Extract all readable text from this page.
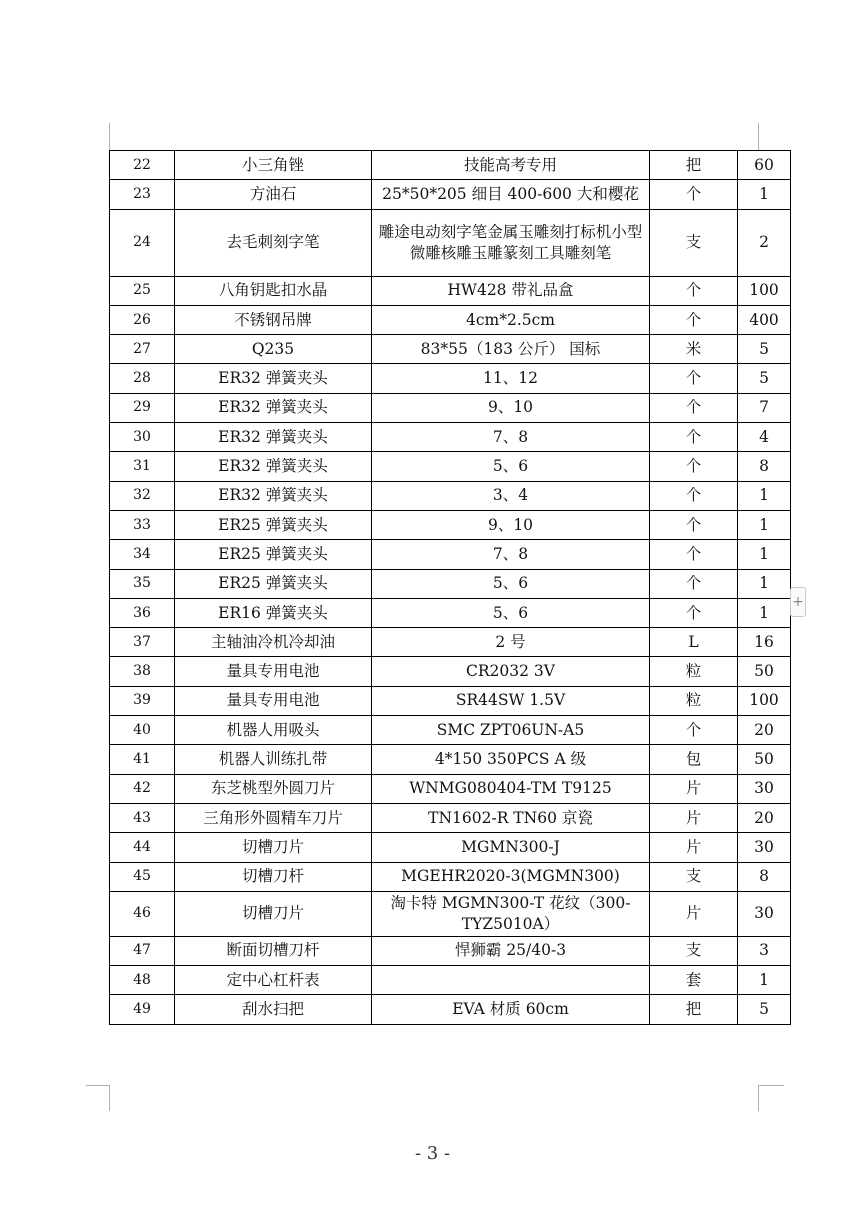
22	小三角锉	技能高考专用	把	60
23	方油石	25*50*205 细目 400-600 大和樱花	个	1
24	去毛刺刻字笔	雕途电动刻字笔金属玉雕刻打标机小型微雕核雕玉雕篆刻工具雕刻笔	支	2
25	八角钥匙扣水晶	HW428 带礼品盒	个	100
26	不锈钢吊牌	4cm*2.5cm	个	400
27	Q235	83*55（183 公斤） 国标	米	5
28	ER32 弹簧夹头	11、12	个	5
29	ER32 弹簧夹头	9、10	个	7
30	ER32 弹簧夹头	7、8	个	4
31	ER32 弹簧夹头	5、6	个	8
32	ER32 弹簧夹头	3、4	个	1
33	ER25 弹簧夹头	9、10	个	1
34	ER25 弹簧夹头	7、8	个	1
35	ER25 弹簧夹头	5、6	个	1
36	ER16 弹簧夹头	5、6	个	1
37	主轴油冷机冷却油	2 号	L	16
38	量具专用电池	CR2032 3V	粒	50
39	量具专用电池	SR44SW 1.5V	粒	100
40	机器人用吸头	SMC ZPT06UN-A5	个	20
41	机器人训练扎带	4*150 350PCS A 级	包	50
42	东芝桃型外圆刀片	WNMG080404-TM T9125	片	30
43	三角形外圆精车刀片	TN1602-R TN60 京瓷	片	20
44	切槽刀片	MGMN300-J	片	30
45	切槽刀杆	MGEHR2020-3(MGMN300)	支	8
46	切槽刀片	淘卡特 MGMN300-T 花纹（300- TYZ5010A）	片	30
47	断面切槽刀杆	悍狮霸 25/40-3	支	3
48	定中心杠杆表		套	1
49	刮水扫把	EVA 材质 60cm	把	5
+
- 3 -
